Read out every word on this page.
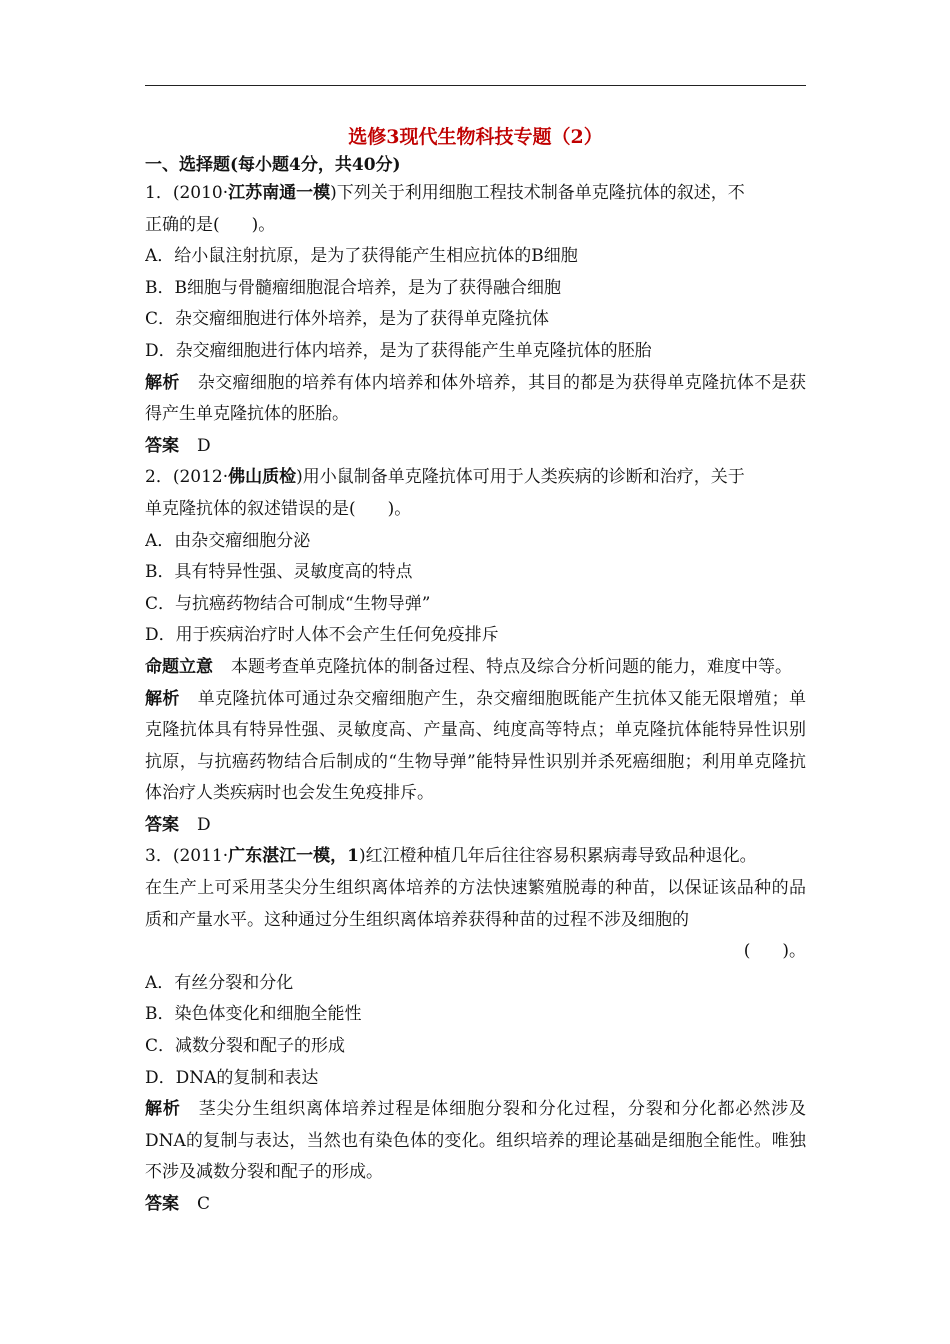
选修3现代生物科技专题（2）
一、选择题(每小题4分，共40分)
1．(2010·江苏南通一模)下列关于利用细胞工程技术制备单克隆抗体的叙述，不
正确的是( )。
A．给小鼠注射抗原，是为了获得能产生相应抗体的B细胞
B．B细胞与骨髓瘤细胞混合培养，是为了获得融合细胞
C．杂交瘤细胞进行体外培养，是为了获得单克隆抗体
D．杂交瘤细胞进行体内培养，是为了获得能产生单克隆抗体的胚胎
解析 杂交瘤细胞的培养有体内培养和体外培养，其目的都是为获得单克隆抗体不是获得产生单克隆抗体的胚胎。
答案 D
2．(2012·佛山质检)用小鼠制备单克隆抗体可用于人类疾病的诊断和治疗，关于
单克隆抗体的叙述错误的是( )。
A．由杂交瘤细胞分泌
B．具有特异性强、灵敏度高的特点
C．与抗癌药物结合可制成“生物导弹”
D．用于疾病治疗时人体不会产生任何免疫排斥
命题立意 本题考查单克隆抗体的制备过程、特点及综合分析问题的能力，难度中等。
解析 单克隆抗体可通过杂交瘤细胞产生，杂交瘤细胞既能产生抗体又能无限增殖；单克隆抗体具有特异性强、灵敏度高、产量高、纯度高等特点；单克隆抗体能特异性识别抗原，与抗癌药物结合后制成的“生物导弹”能特异性识别并杀死癌细胞；利用单克隆抗体治疗人类疾病时也会发生免疫排斥。
答案 D
3．(2011·广东湛江一模，1)红江橙种植几年后往往容易积累病毒导致品种退化。
在生产上可采用茎尖分生组织离体培养的方法快速繁殖脱毒的种苗，以保证该品种的品质和产量水平。这种通过分生组织离体培养获得种苗的过程不涉及细胞的
( )。
A．有丝分裂和分化
B．染色体变化和细胞全能性
C．减数分裂和配子的形成
D．DNA的复制和表达
解析 茎尖分生组织离体培养过程是体细胞分裂和分化过程，分裂和分化都必然涉及DNA的复制与表达，当然也有染色体的变化。组织培养的理论基础是细胞全能性。唯独不涉及减数分裂和配子的形成。
答案 C
